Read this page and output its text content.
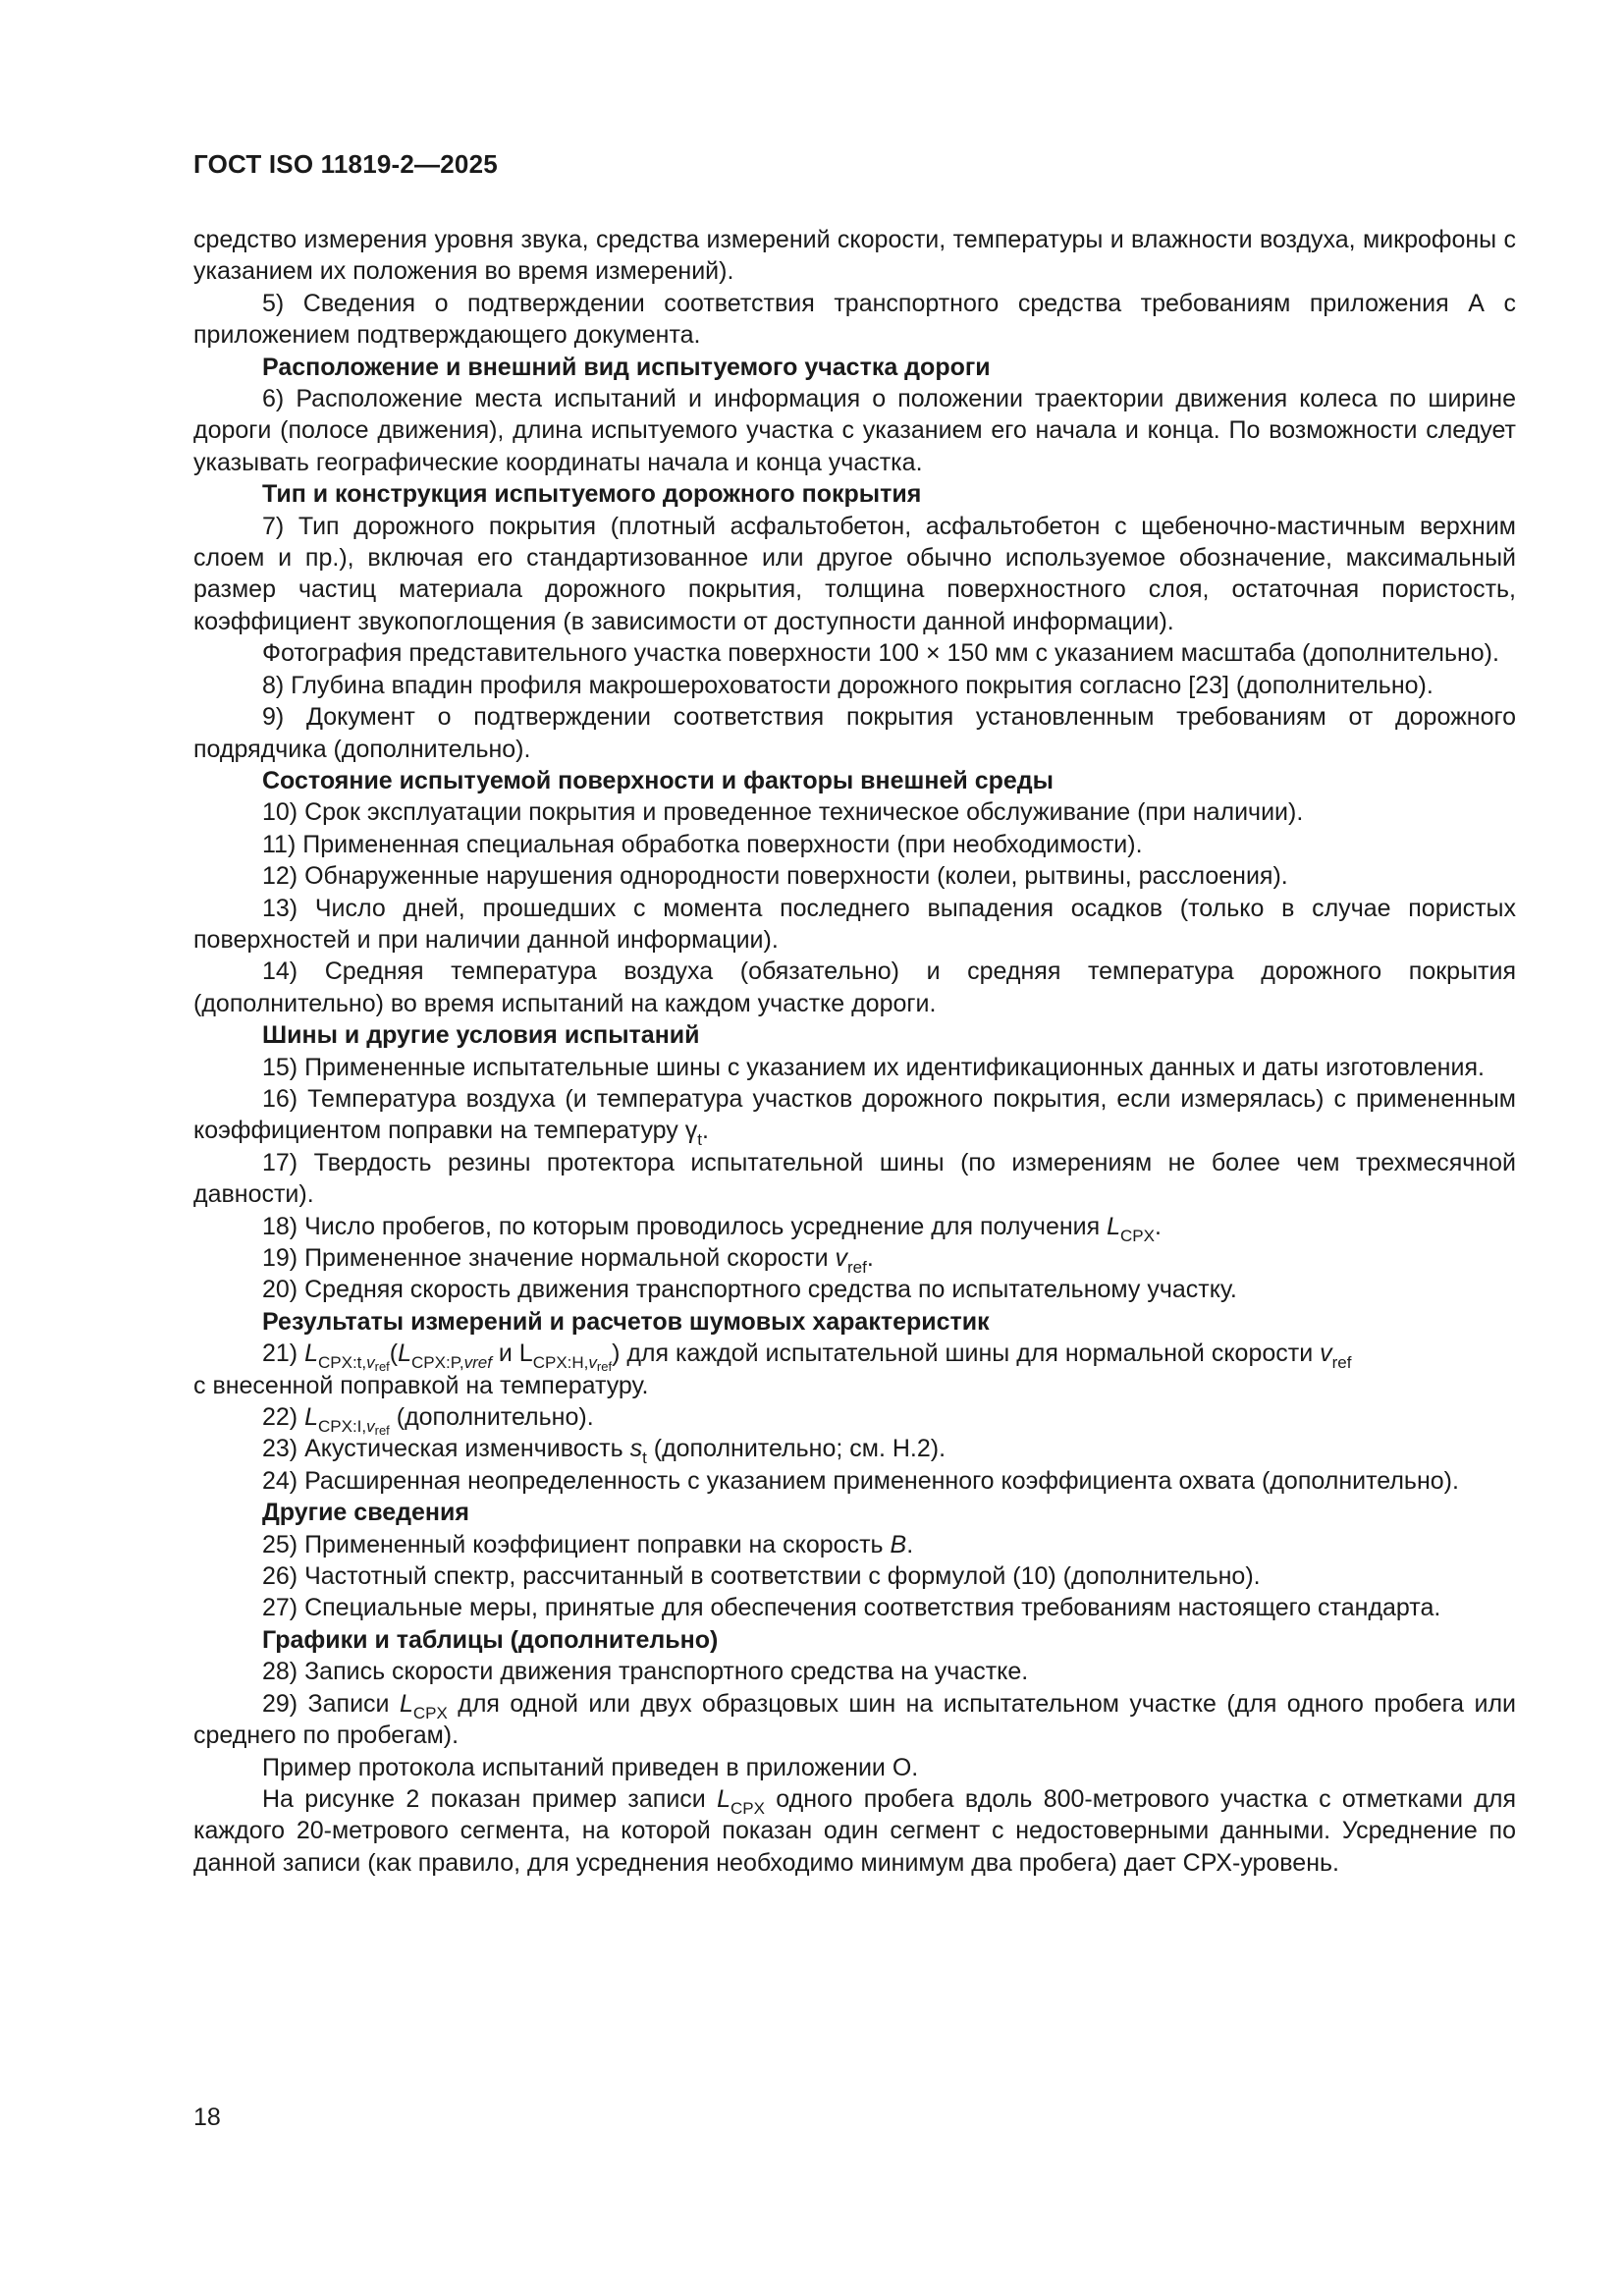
ГОСТ ISO 11819-2—2025

средство измерения уровня звука, средства измерений скорости, температуры и влажности воздуха, микрофоны с указанием их положения во время измерений).

5) Сведения о подтверждении соответствия транспортного средства требованиям приложения А с приложением подтверждающего документа.

Расположение и внешний вид испытуемого участка дороги

6) Расположение места испытаний и информация о положении траектории движения колеса по ширине дороги (полосе движения), длина испытуемого участка с указанием его начала и конца. По возможности следует указывать географические координаты начала и конца участка.

Тип и конструкция испытуемого дорожного покрытия

7) Тип дорожного покрытия (плотный асфальтобетон, асфальтобетон с щебеночно-мастичным верхним слоем и пр.), включая его стандартизованное или другое обычно используемое обозначение, максимальный размер частиц материала дорожного покрытия, толщина поверхностного слоя, остаточная пористость, коэффициент звукопоглощения (в зависимости от доступности данной информации).

Фотография представительного участка поверхности 100 × 150 мм с указанием масштаба (дополнительно).

8) Глубина впадин профиля макрошероховатости дорожного покрытия согласно [23] (дополнительно).

9) Документ о подтверждении соответствия покрытия установленным требованиям от дорожного подрядчика (дополнительно).

Состояние испытуемой поверхности и факторы внешней среды

10) Срок эксплуатации покрытия и проведенное техническое обслуживание (при наличии).

11) Примененная специальная обработка поверхности (при необходимости).

12) Обнаруженные нарушения однородности поверхности (колеи, рытвины, расслоения).

13) Число дней, прошедших с момента последнего выпадения осадков (только в случае пористых поверхностей и при наличии данной информации).

14) Средняя температура воздуха (обязательно) и средняя температура дорожного покрытия (дополнительно) во время испытаний на каждом участке дороги.

Шины и другие условия испытаний

15) Примененные испытательные шины с указанием их идентификационных данных и даты изготовления.

16) Температура воздуха (и температура участков дорожного покрытия, если измерялась) с примененным коэффициентом поправки на температуру $\gamma_t$.

17) Твердость резины протектора испытательной шины (по измерениям не более чем трехмесячной давности).

18) Число пробегов, по которым проводилось усреднение для получения $L_{CPX}$.

19) Примененное значение нормальной скорости $v_{ref}$.

20) Средняя скорость движения транспортного средства по испытательному участку.

Результаты измерений и расчетов шумовых характеристик

21) $L_{CPX:t,v_{ref}}(L_{CPX:P,vref}$ и $L_{CPX:H,v_{ref}}$) для каждой испытательной шины для нормальной скорости $v_{ref}$
с внесенной поправкой на температуру.

22) $L_{CPX:I,v_{ref}}$ (дополнительно).

23) Акустическая изменчивость $s_t$ (дополнительно; см. Н.2).

24) Расширенная неопределенность с указанием примененного коэффициента охвата (дополнительно).

Другие сведения

25) Примененный коэффициент поправки на скорость B.

26) Частотный спектр, рассчитанный в соответствии с формулой (10) (дополнительно).

27) Специальные меры, принятые для обеспечения соответствия требованиям настоящего стандарта.

Графики и таблицы (дополнительно)

28) Запись скорости движения транспортного средства на участке.

29) Записи $L_{CPX}$ для одной или двух образцовых шин на испытательном участке (для одного пробега или среднего по пробегам).

Пример протокола испытаний приведен в приложении О.

На рисунке 2 показан пример записи $L_{CPX}$ одного пробега вдоль 800-метрового участка с отметками для каждого 20-метрового сегмента, на которой показан один сегмент с недостоверными данными. Усреднение по данной записи (как правило, для усреднения необходимо минимум два пробега) дает СРХ-уровень.

18
